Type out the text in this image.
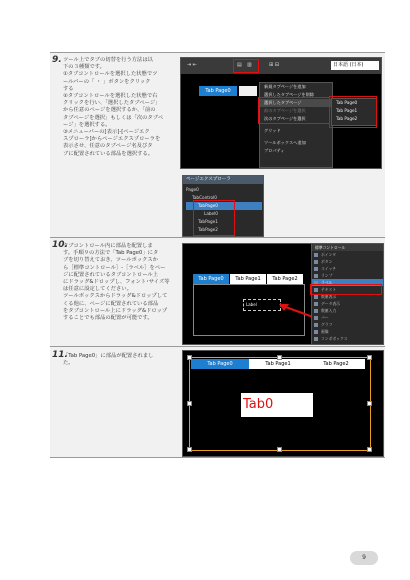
9. ツール上でタブの切替を行う方法は以
下の３種類です。
①タブコントロールを選択した状態でツ
ールバーの「 ・ 」ボタンをクリック
する
②タブコントロールを選択した状態で右
クリックを行い、「選択したタブページ」
から任意のページを選択するか、「前の
タブページを選択」もしくは「次のタブペ
ージ」を選択する。
③メニューバーの[表示]-[ページエク
スプローラ]からページエクスプローラを
表示させ、任意のタブページ名及びタ
ブに配置されている部品を選択する。
⇥ ⇤	▤ ▥	⊞ ⊟	日本語 (日本)
Tab Page0
新規タブページを追加
選択したタブページを削除
選択したタブページ
前のタブページを選択
次のタブページを選択
グリッド
ツールボックスへ追加
プロパティ
Tab Page0
Tab Page1
Tab Page2
ページエクスプローラ
Page0
TabControl0
TabPage0
Label0
TabPage1
TabPage2
10.
タブコントロール内に部品を配置しま
す。手順９の方法で「Tab Page0」にタ
ブを切り替えておき、ツールボックスか
ら［標準コントロール］-［ラベル］をペー
ジに配置されているタブコントロール上
にドラッグ&ドロップし、フォント･サイズ等
は任意に設定してください。
ツールボックスからドラッグ&ドロップして
くる他に、ページに配置されている部品
をタブコントロール上にドラッグ&ドロップ
することでも部品の配置が可能です。
Tab Page0	Tab Page1	Tab Page2
Label
標準コントロール
ポインタ
ボタン
スイッチ
ランプ
ラベル
テキスト
数値表示
データ表示
数値入力
バー
グラフ
画像
コンボボックス
11.
「Tab Page0」に部品が配置されまし
た。	Tab Page0	Tab Page1	Tab Page2
Tab0
9
